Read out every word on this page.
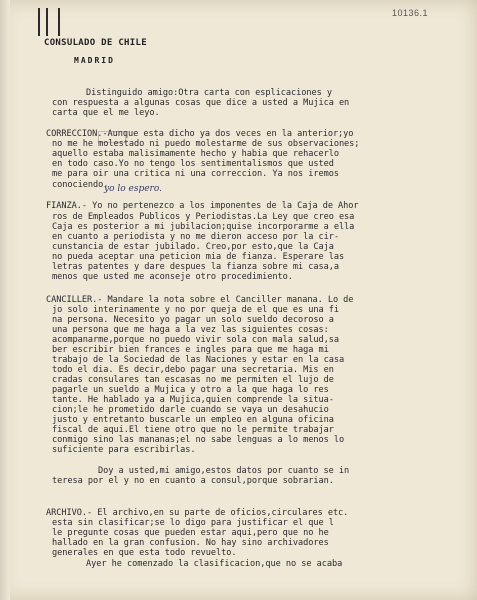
10136.1
CONSULADO DE CHILE
MADRID
Distinguido amigo:Otra carta con esplicaciones y
con respuesta a algunas cosas que dice a usted a Mujica en
carta que el me leyo.
CORRECCION.-Aunque esta dicho ya dos veces en la anterior;yo
no me he molestado ni puedo molestarme de sus observaciones;
aquello estaba malisimamente hecho y habia que rehacerlo
en todo caso.Yo no tengo los sentimentalismos que usted
me para oir una critica ni una correccion. Ya nos iremos
conociendo,
FIANZA.- Yo no pertenezco a los imponentes de la Caja de Ahor
ros de Empleados Publicos y Periodistas.La Ley que creo esa
Caja es posterior a mi jubilacion;quise incorporarme a ella
en cuanto a periodista y no me dieron acceso por la cir-
cunstancia de estar jubilado. Creo,por esto,que la Caja
no pueda aceptar una peticion mia de fianza. Esperare las
letras patentes y dare despues la fianza sobre mi casa,a
menos que usted me aconseje otro procedimiento.
CANCILLER.- Mandare la nota sobre el Canciller manana. Lo de
jo solo interinamente y no por queja de el que es una fi
na persona. Necesito yo pagar un solo sueldo decoroso a
una persona que me haga a la vez las siguientes cosas:
acompanarme,porque no puedo vivir sola con mala salud,sa
ber escribir bien frances e ingles para que me haga mi
trabajo de la Sociedad de las Naciones y estar en la casa
todo el dia. Es decir,debo pagar una secretaria. Mis en
cradas consulares tan escasas no me permiten el lujo de
pagarle un sueldo a Mujica y otro a la que haga lo res
tante. He hablado ya a Mujica,quien comprende la situa-
cion;le he prometido darle cuando se vaya un desahucio
justo y entretanto buscarle un empleo en alguna oficina
fiscal de aqui.El tiene otro que no le permite trabajar
conmigo sino las mananas;el no sabe lenguas a lo menos lo
suficiente para escribirlas.
Doy a usted,mi amigo,estos datos por cuanto se in
teresa por el y no en cuanto a consul,porque sobrarian.
ARCHIVO.- El archivo,en su parte de oficios,circulares etc.
esta sin clasificar;se lo digo para justificar el que l
le pregunte cosas que pueden estar aqui,pero que no he
hallado en la gran confusion. No hay sino archivadores
generales en que esta todo revuelto.
Ayer he comenzado la clasificacion,que no se acaba
yo lo espero.
